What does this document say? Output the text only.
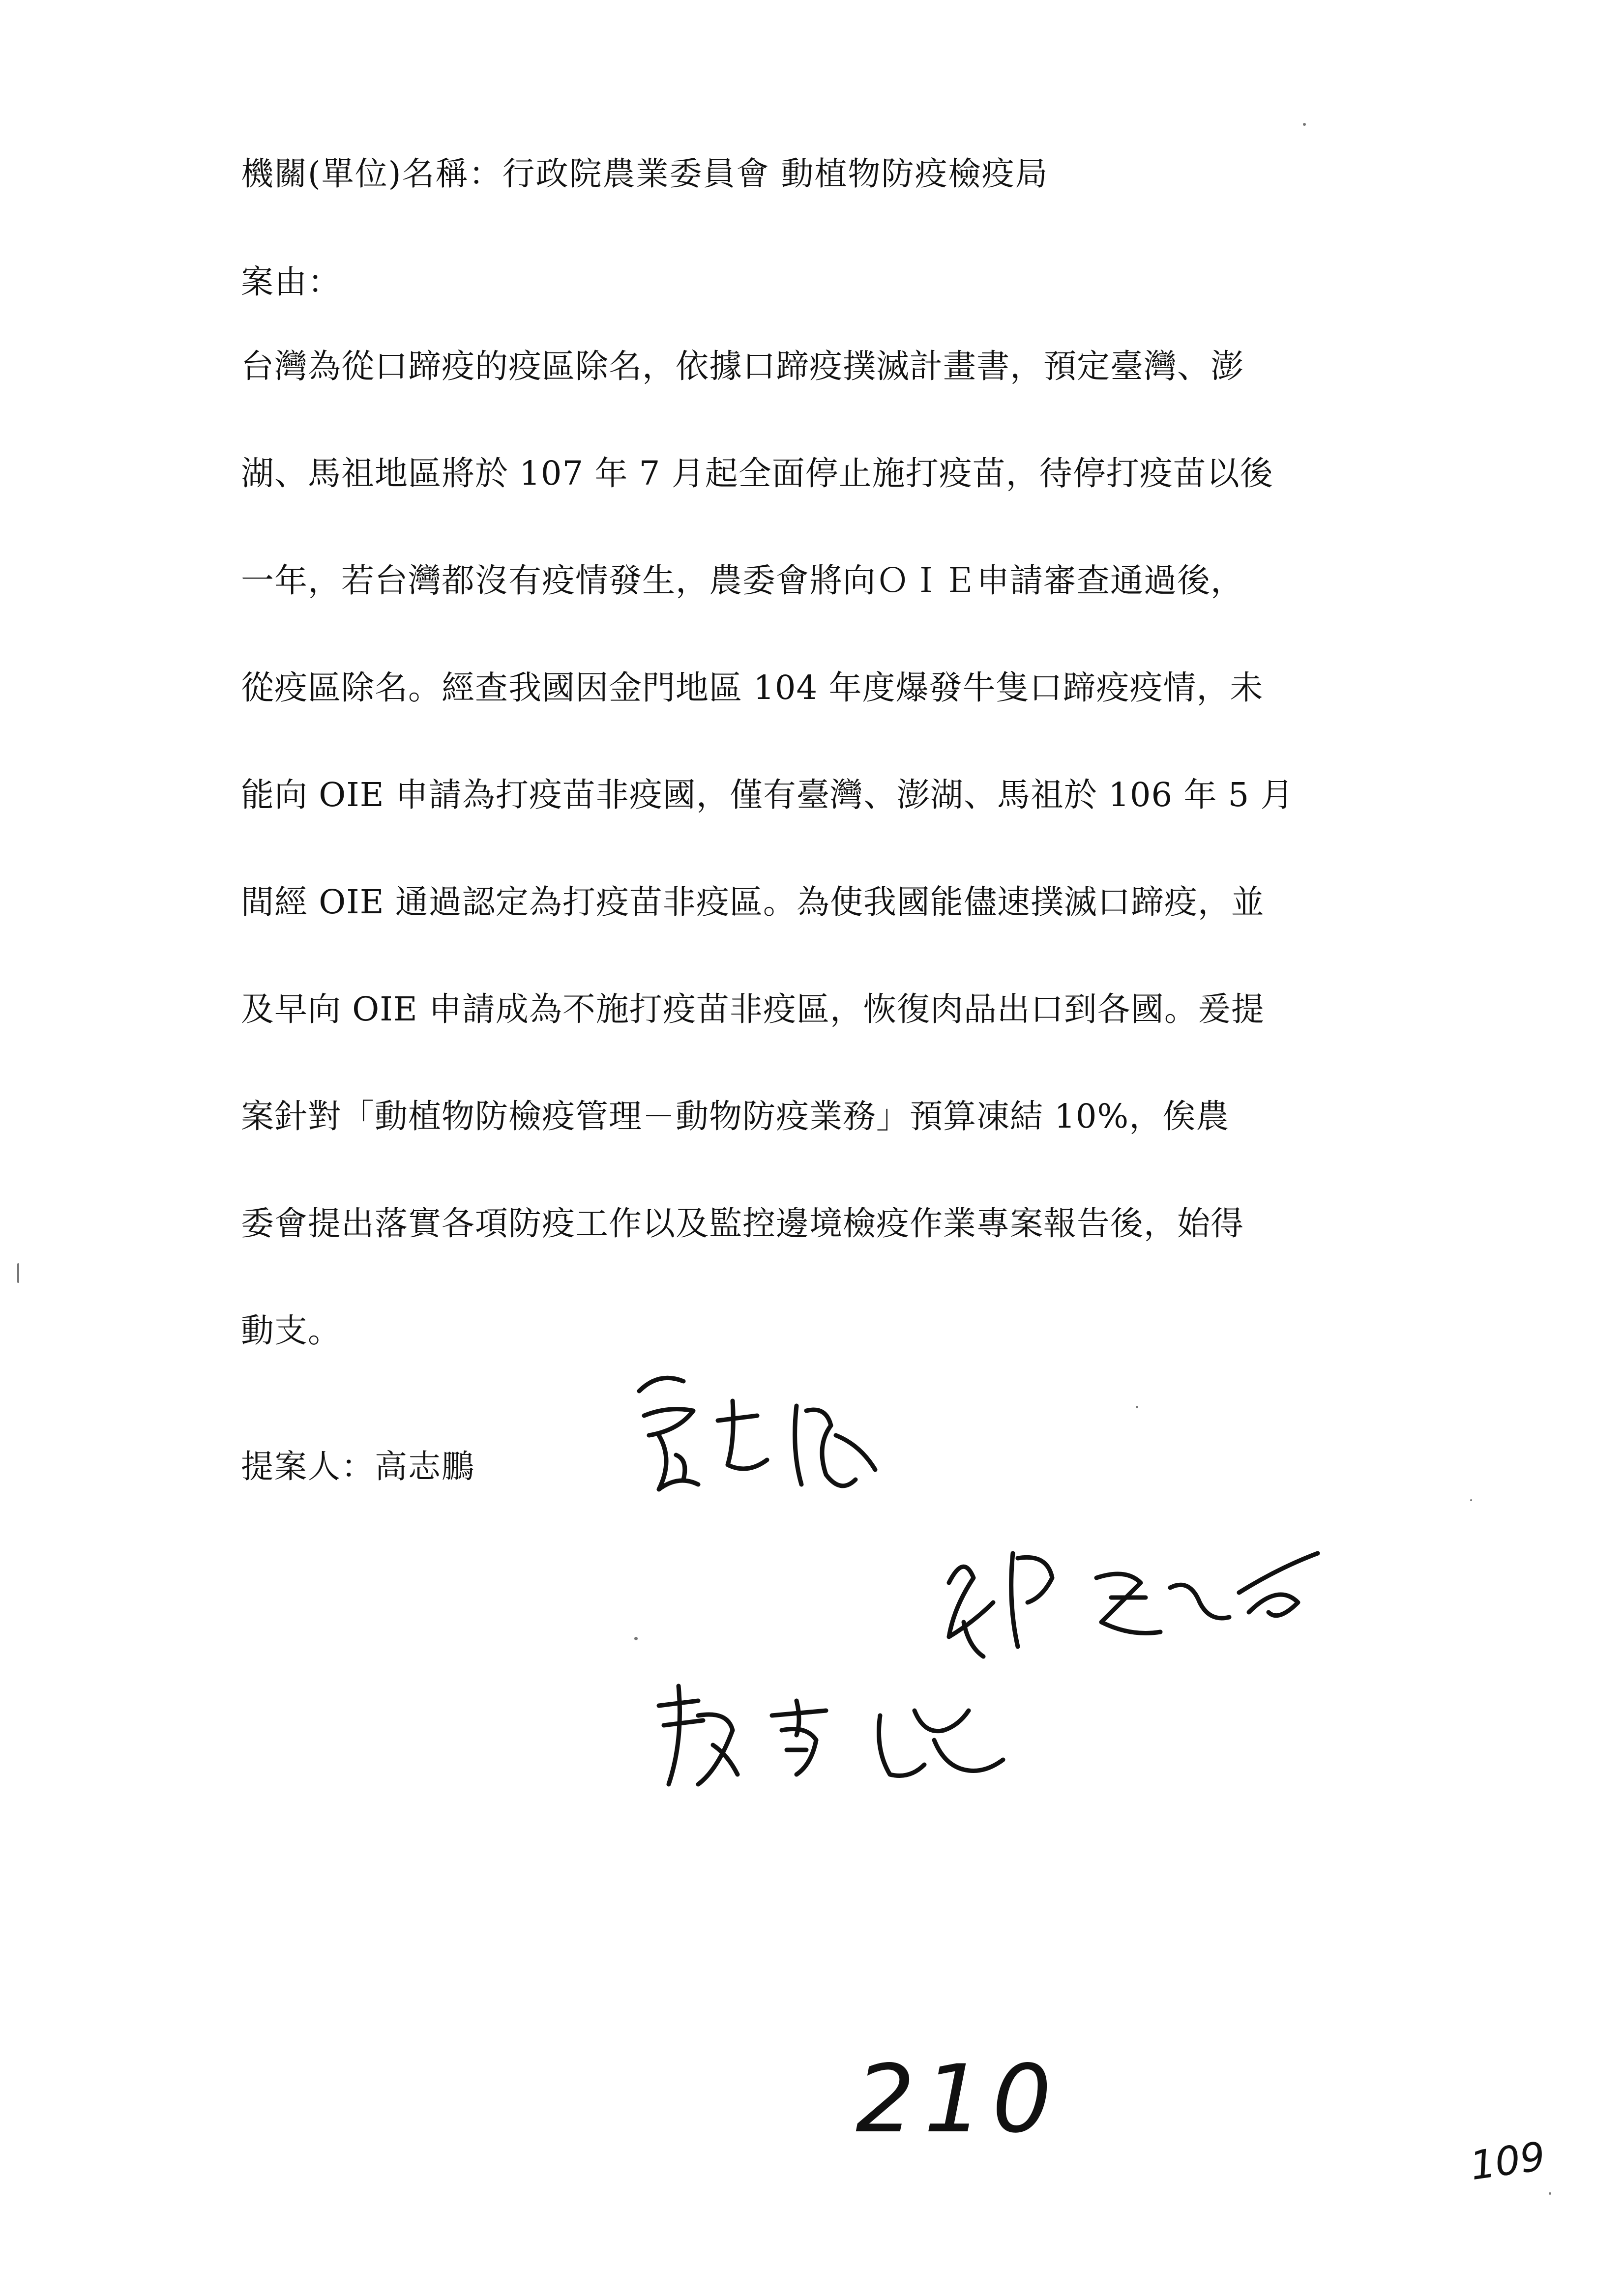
機關(單位)名稱：行政院農業委員會 動植物防疫檢疫局
案由：
台灣為從口蹄疫的疫區除名，依據口蹄疫撲滅計畫書，預定臺灣、澎
湖、馬祖地區將於 107 年 7 月起全面停止施打疫苗，待停打疫苗以後
一年，若台灣都沒有疫情發生，農委會將向ＯＩＥ申請審查通過後，
從疫區除名。經查我國因金門地區 104 年度爆發牛隻口蹄疫疫情，未
能向 OIE 申請為打疫苗非疫國，僅有臺灣、澎湖、馬祖於 106 年 5 月
間經 OIE 通過認定為打疫苗非疫區。為使我國能儘速撲滅口蹄疫，並
及早向 OIE 申請成為不施打疫苗非疫區，恢復肉品出口到各國。爰提
案針對「動植物防檢疫管理－動物防疫業務」預算凍結 10%，俟農
委會提出落實各項防疫工作以及監控邊境檢疫作業專案報告後，始得
動支。
提案人：高志鵬
210
109
